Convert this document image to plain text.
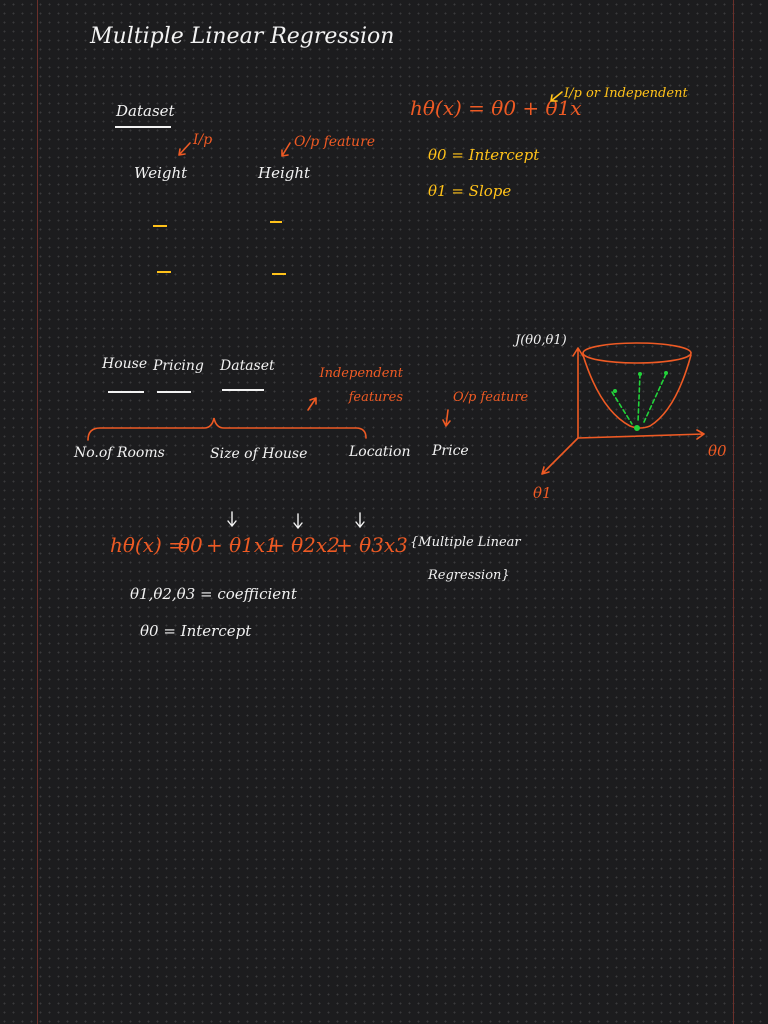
Multiple Linear Regression
Dataset
I/p	O/p feature
Weight	Height
hθ(x) = θ0 + θ1x
I/p or Independent
θ0 = Intercept
θ1 = Slope
House Pricing Dataset	Independent features	O/p feature
No.of Rooms	Size of House	Location Price
J(θ0,θ1)
θ0
θ1
hθ(x) =
θ0 + θ1x1
+ θ2x2
+ θ3x3 {Multiple Linear
Regression}
θ1,θ2,θ3 = coefficient
θ0 = Intercept
